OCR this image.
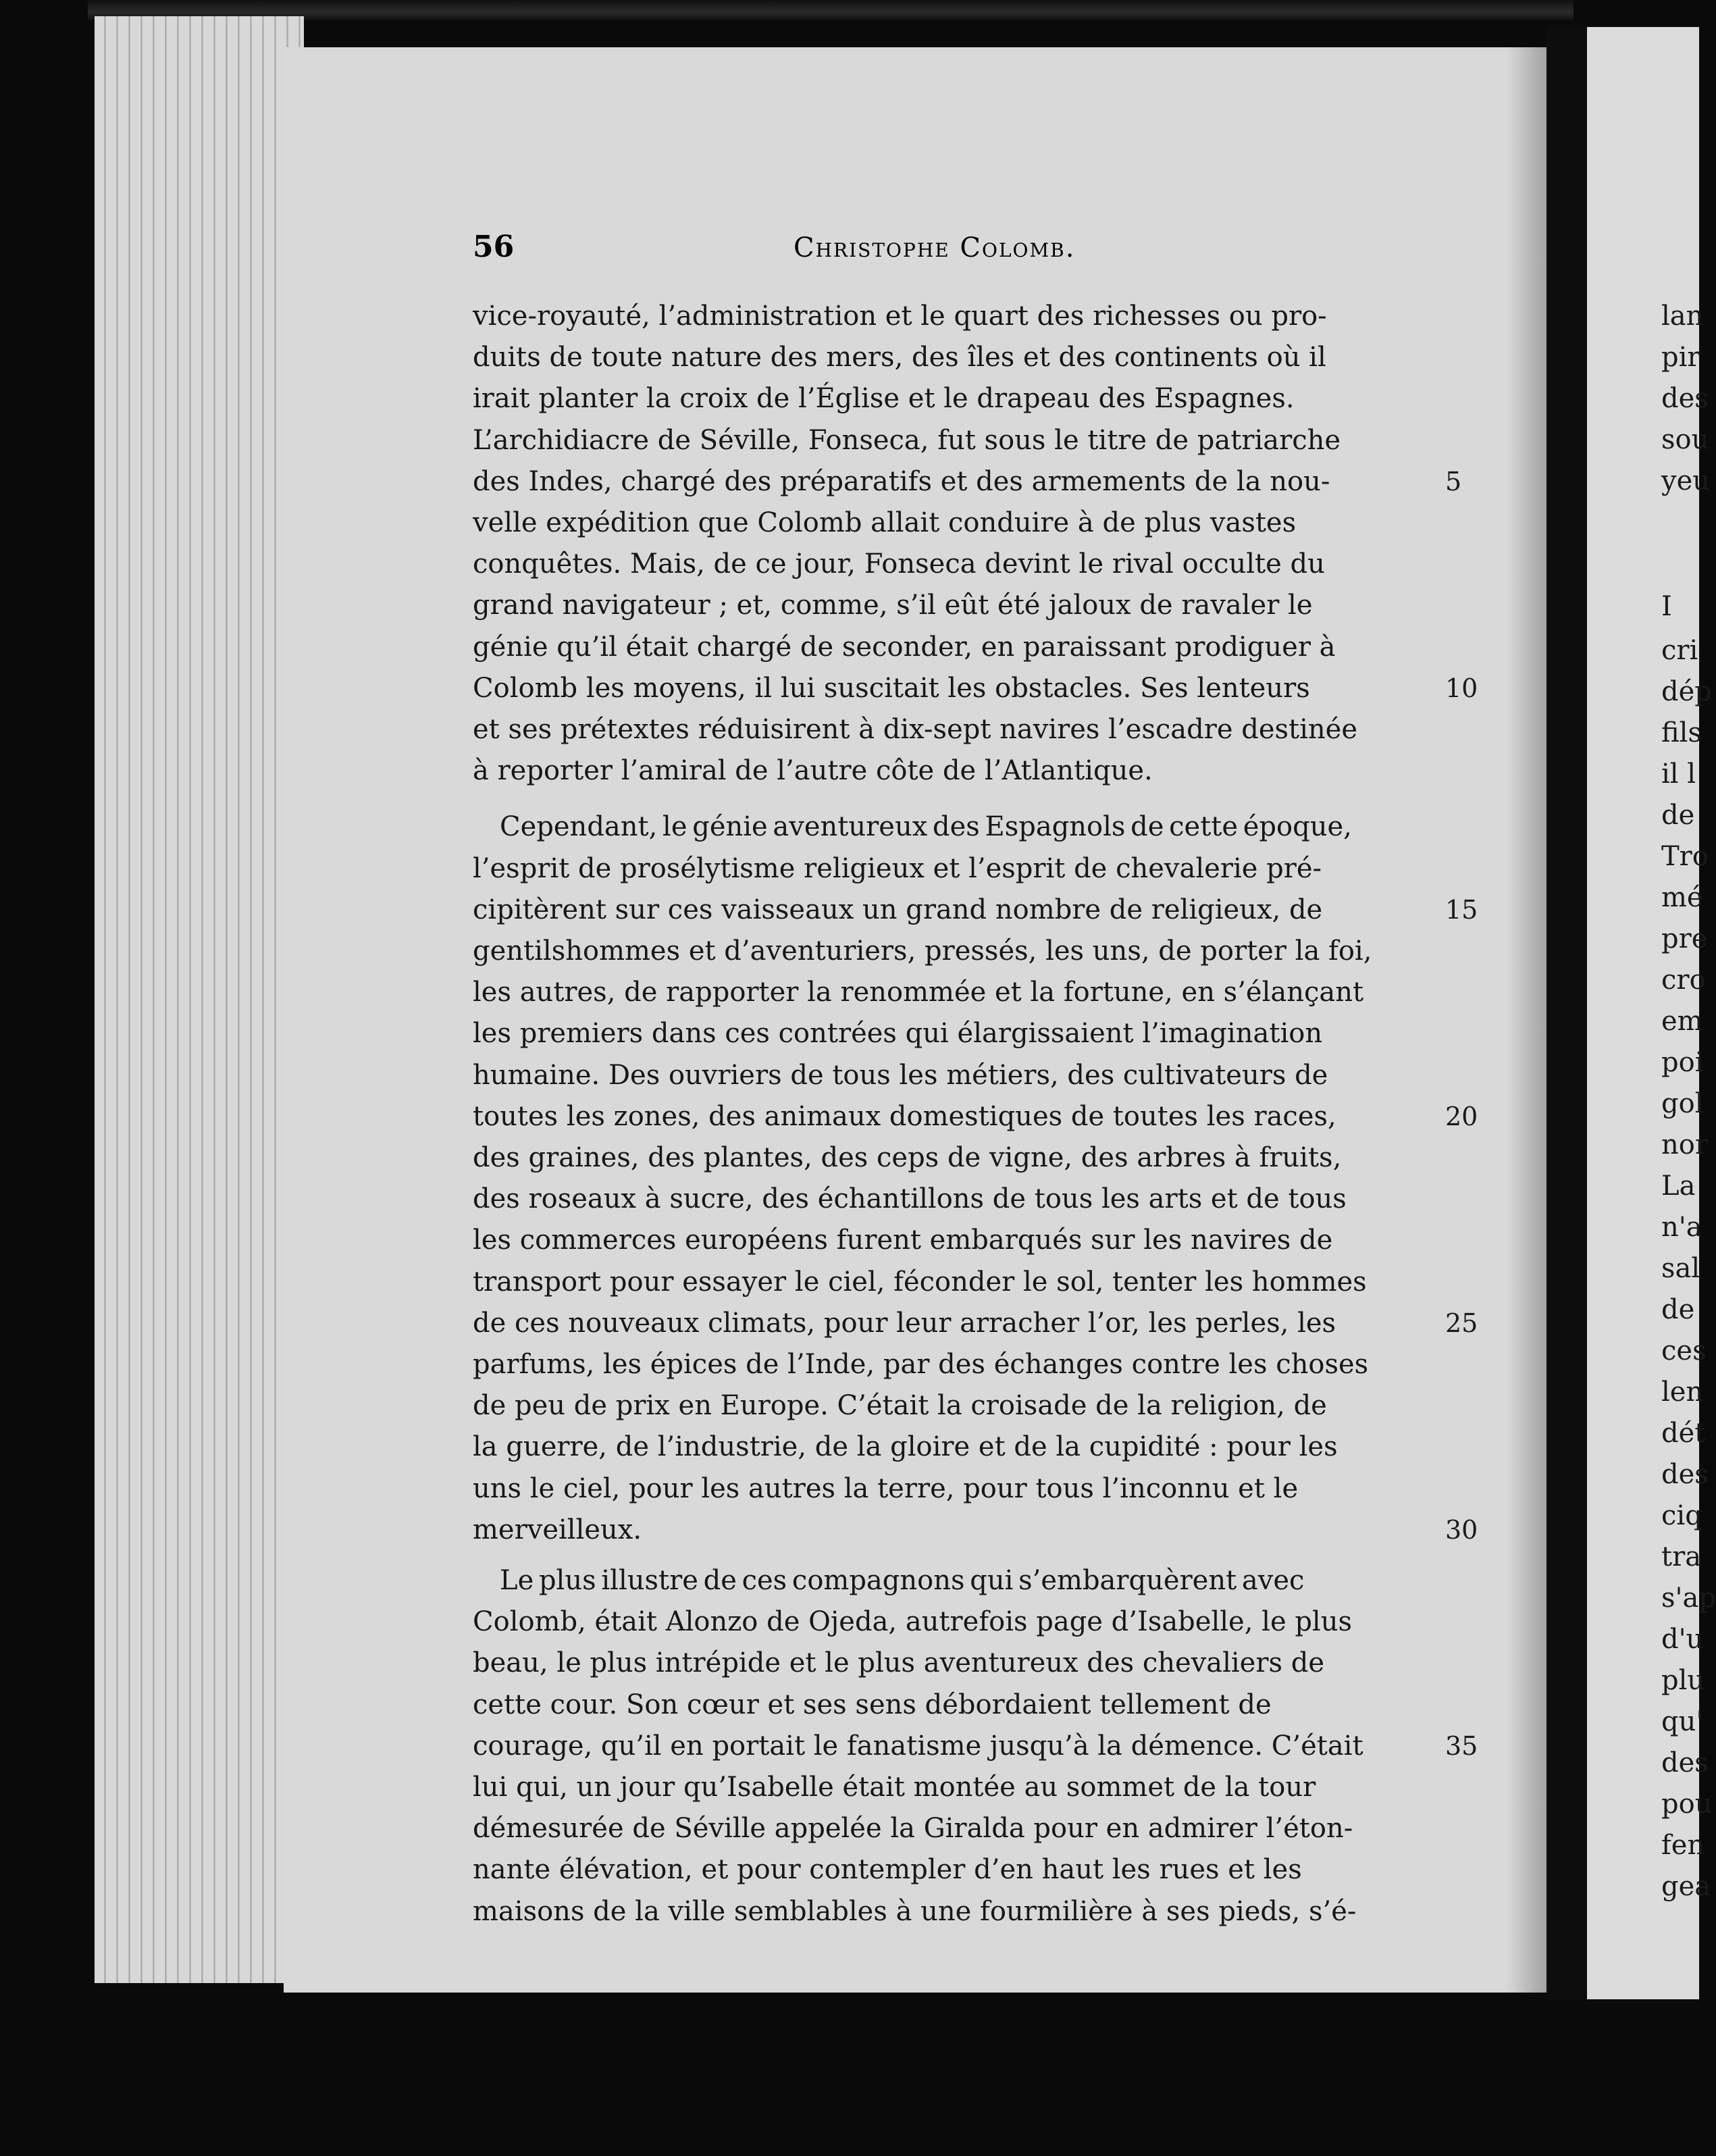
56	Christophe Colomb.
vice-royauté, l’administration et le quart des richesses ou pro-
duits de toute nature des mers, des îles et des continents où il
irait planter la croix de l’Église et le drapeau des Espagnes.
L’archidiacre de Séville, Fonseca, fut sous le titre de patriarche
des Indes, chargé des préparatifs et des armements de la nou-
velle expédition que Colomb allait conduire à de plus vastes
conquêtes. Mais, de ce jour, Fonseca devint le rival occulte du
grand navigateur ; et, comme, s’il eût été jaloux de ravaler le
génie qu’il était chargé de seconder, en paraissant prodiguer à
Colomb les moyens, il lui suscitait les obstacles. Ses lenteurs
et ses prétextes réduisirent à dix-sept navires l’escadre destinée
à reporter l’amiral de l’autre côte de l’Atlantique.
Cependant, le génie aventureux des Espagnols de cette époque,
l’esprit de prosélytisme religieux et l’esprit de chevalerie pré-
cipitèrent sur ces vaisseaux un grand nombre de religieux, de
gentilshommes et d’aventuriers, pressés, les uns, de porter la foi,
les autres, de rapporter la renommée et la fortune, en s’élançant
les premiers dans ces contrées qui élargissaient l’imagination
humaine. Des ouvriers de tous les métiers, des cultivateurs de
toutes les zones, des animaux domestiques de toutes les races,
des graines, des plantes, des ceps de vigne, des arbres à fruits,
des roseaux à sucre, des échantillons de tous les arts et de tous
les commerces européens furent embarqués sur les navires de
transport pour essayer le ciel, féconder le sol, tenter les hommes
de ces nouveaux climats, pour leur arracher l’or, les perles, les
parfums, les épices de l’Inde, par des échanges contre les choses
de peu de prix en Europe. C’était la croisade de la religion, de
la guerre, de l’industrie, de la gloire et de la cupidité : pour les
uns le ciel, pour les autres la terre, pour tous l’inconnu et le
merveilleux.
Le plus illustre de ces compagnons qui s’embarquèrent avec
Colomb, était Alonzo de Ojeda, autrefois page d’Isabelle, le plus
beau, le plus intrépide et le plus aventureux des chevaliers de
cette cour. Son cœur et ses sens débordaient tellement de
courage, qu’il en portait le fanatisme jusqu’à la démence. C’était
lui qui, un jour qu’Isabelle était montée au sommet de la tour
démesurée de Séville appelée la Giralda pour en admirer l’éton-
nante élévation, et pour contempler d’en haut les rues et les
maisons de la ville semblables à une fourmilière à ses pieds, s’é-
5
10
15
20
25
30
35
lan
pir
des
sou
yeu
I
cri
dép
fils
il l
de
Tro
mé
pre
cro
em
poi
gol
nor
La
n'a
sal
de
ces
len
dét
des
ciq
tra
s'ap
d'u
plu
qu'
des
pou
fen
gea
